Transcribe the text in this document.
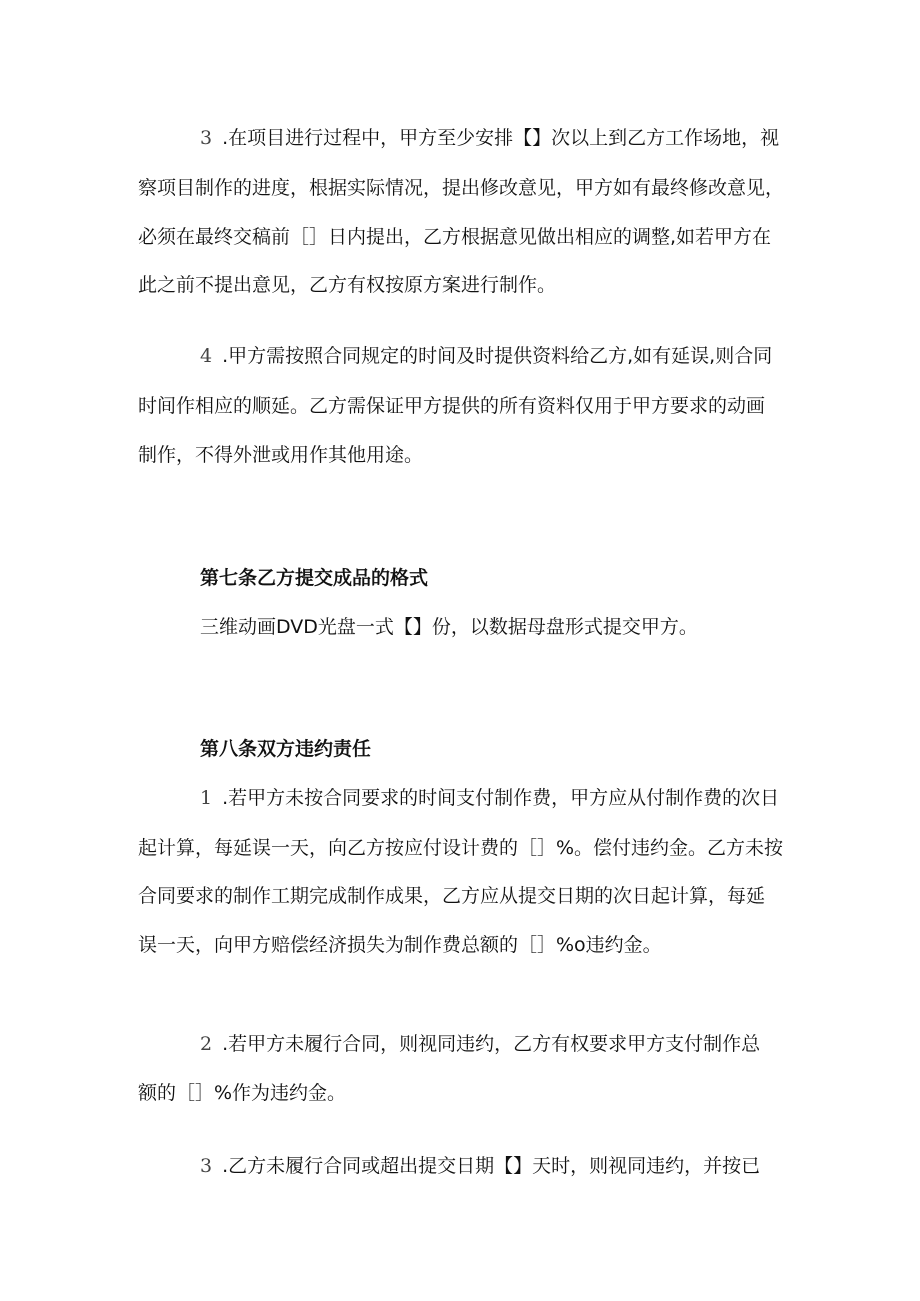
3 .在项目进行过程中，甲方至少安排【】次以上到乙方工作场地，视
察项目制作的进度，根据实际情况，提出修改意见，甲方如有最终修改意见，
必须在最终交稿前［］日内提出，乙方根据意见做出相应的调整,如若甲方在
此之前不提出意见，乙方有权按原方案进行制作。
4 .甲方需按照合同规定的时间及时提供资料给乙方,如有延误,则合同
时间作相应的顺延。乙方需保证甲方提供的所有资料仅用于甲方要求的动画
制作，不得外泄或用作其他用途。
第七条乙方提交成品的格式
三维动画DVD光盘一式【】份，以数据母盘形式提交甲方。
第八条双方违约责任
1 .若甲方未按合同要求的时间支付制作费，甲方应从付制作费的次日
起计算，每延误一天，向乙方按应付设计费的［］%。偿付违约金。乙方未按
合同要求的制作工期完成制作成果，乙方应从提交日期的次日起计算，每延
误一天，向甲方赔偿经济损失为制作费总额的［］%o违约金。
2 .若甲方未履行合同，则视同违约，乙方有权要求甲方支付制作总
额的［］%作为违约金。
3 .乙方未履行合同或超出提交日期【】天时，则视同违约，并按已
